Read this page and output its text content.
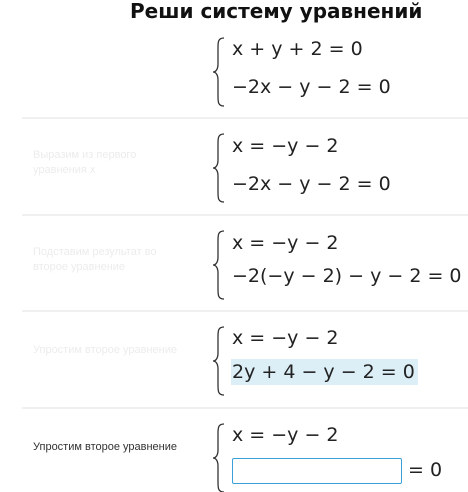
Реши систему уравнений
x + y + 2 = 0
−2x − y − 2 = 0
Выразим из первого уравнения x
x = −y − 2
−2x − y − 2 = 0
Подставим результат во второе уравнение
x = −y − 2
−2(−y − 2) − y − 2 = 0
Упростим второе уравнение
x = −y − 2
2y + 4 − y − 2 = 0
Упростим второе уравнение
x = −y − 2
= 0
